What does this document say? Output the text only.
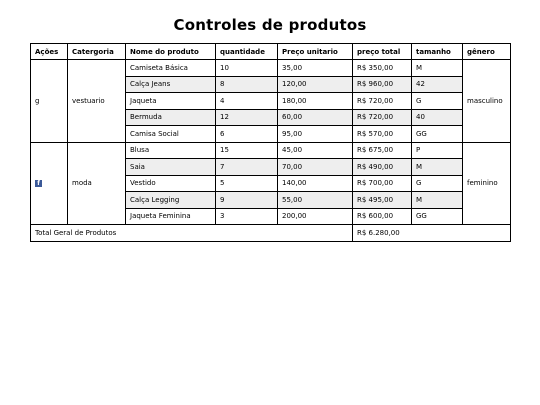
Controles de produtos
Ações	Catergoria	Nome do produto	quantidade	Preço unitario	preço total	tamanho	gênero
g	vestuario	Camiseta Básica	10	35,00	R$ 350,00	M	masculino
		Calça Jeans	8	120,00	R$ 960,00	42	
		Jaqueta	4	180,00	R$ 720,00	G	
		Bermuda	12	60,00	R$ 720,00	40	
		Camisa Social	6	95,00	R$ 570,00	GG	
f	moda	Blusa	15	45,00	R$ 675,00	P	feminino
		Saia	7	70,00	R$ 490,00	M	
		Vestido	5	140,00	R$ 700,00	G	
		Calça Legging	9	55,00	R$ 495,00	M	
		Jaqueta Feminina	3	200,00	R$ 600,00	GG	
Total Geral de Produtos					R$ 6.280,00		
